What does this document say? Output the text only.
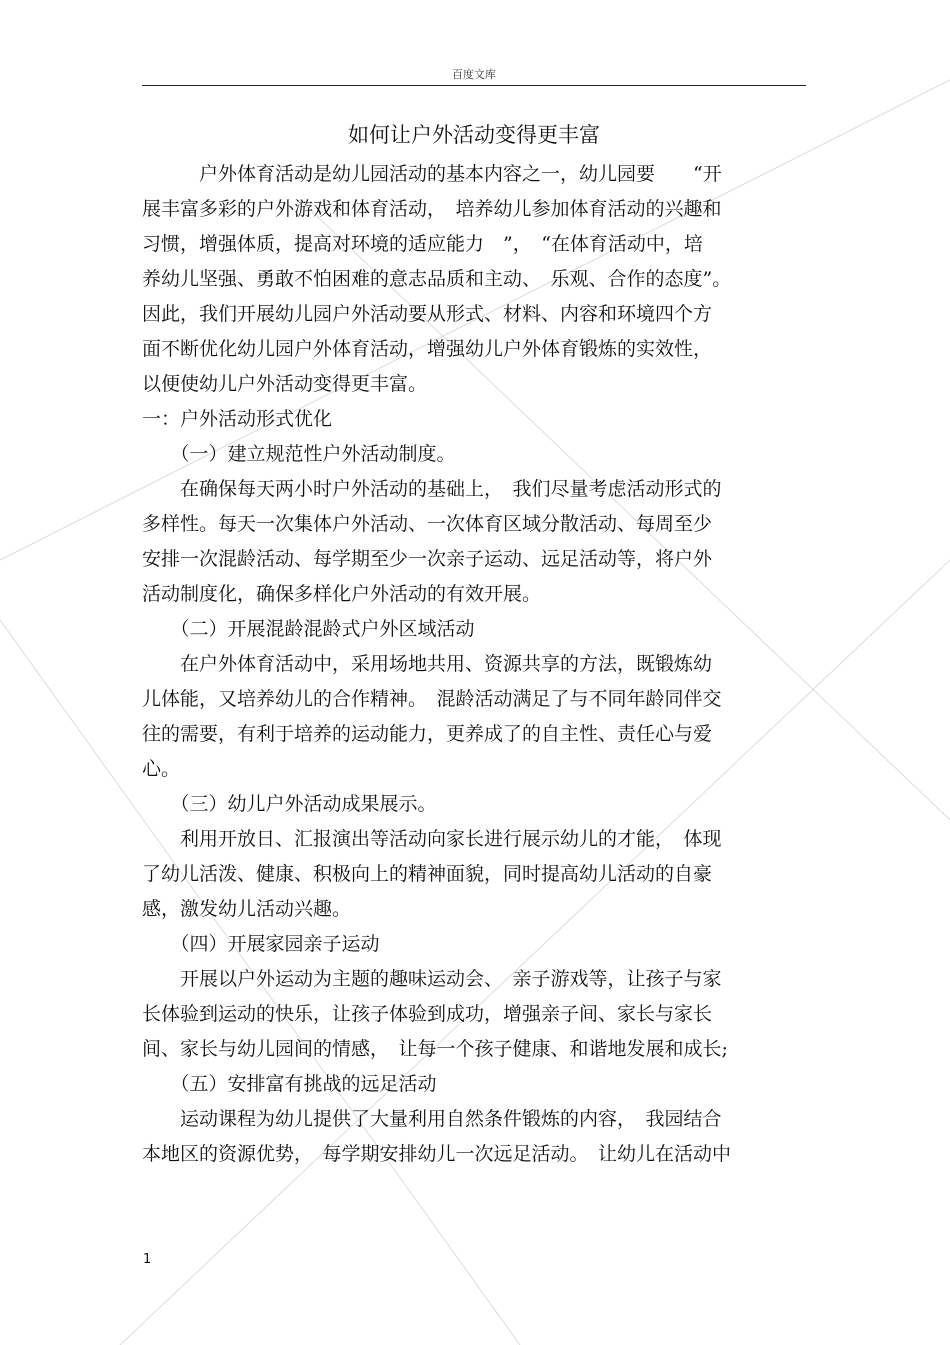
百度文库
如何让户外活动变得更丰富
　　　户外体育活动是幼儿园活动的基本内容之一，幼儿园要　　“开
展丰富多彩的户外游戏和体育活动，　培养幼儿参加体育活动的兴趣和
习惯，增强体质，提高对环境的适应能力　”，　“在体育活动中，培
养幼儿坚强、勇敢不怕困难的意志品质和主动、　乐观、合作的态度”。
因此，我们开展幼儿园户外活动要从形式、材料、内容和环境四个方
面不断优化幼儿园户外体育活动，增强幼儿户外体育锻炼的实效性，
以便使幼儿户外活动变得更丰富。
一：户外活动形式优化
　　（一）建立规范性户外活动制度。
　　在确保每天两小时户外活动的基础上，　我们尽量考虑活动形式的
多样性。每天一次集体户外活动、一次体育区域分散活动、每周至少
安排一次混龄活动、每学期至少一次亲子运动、远足活动等，将户外
活动制度化，确保多样化户外活动的有效开展。
　　（二）开展混龄混龄式户外区域活动
　　在户外体育活动中，采用场地共用、资源共享的方法，既锻炼幼
儿体能，又培养幼儿的合作精神。　混龄活动满足了与不同年龄同伴交
往的需要，有利于培养的运动能力，更养成了的自主性、责任心与爱
心。
　　（三）幼儿户外活动成果展示。
　　利用开放日、汇报演出等活动向家长进行展示幼儿的才能，　体现
了幼儿活泼、健康、积极向上的精神面貌，同时提高幼儿活动的自豪
感，激发幼儿活动兴趣。
　　（四）开展家园亲子运动
　　开展以户外运动为主题的趣味运动会、　亲子游戏等，让孩子与家
长体验到运动的快乐，让孩子体验到成功，增强亲子间、家长与家长
间、家长与幼儿园间的情感，　让每一个孩子健康、和谐地发展和成长;
　　（五）安排富有挑战的远足活动
　　运动课程为幼儿提供了大量利用自然条件锻炼的内容，　我园结合
本地区的资源优势，　每学期安排幼儿一次远足活动。　让幼儿在活动中
1
